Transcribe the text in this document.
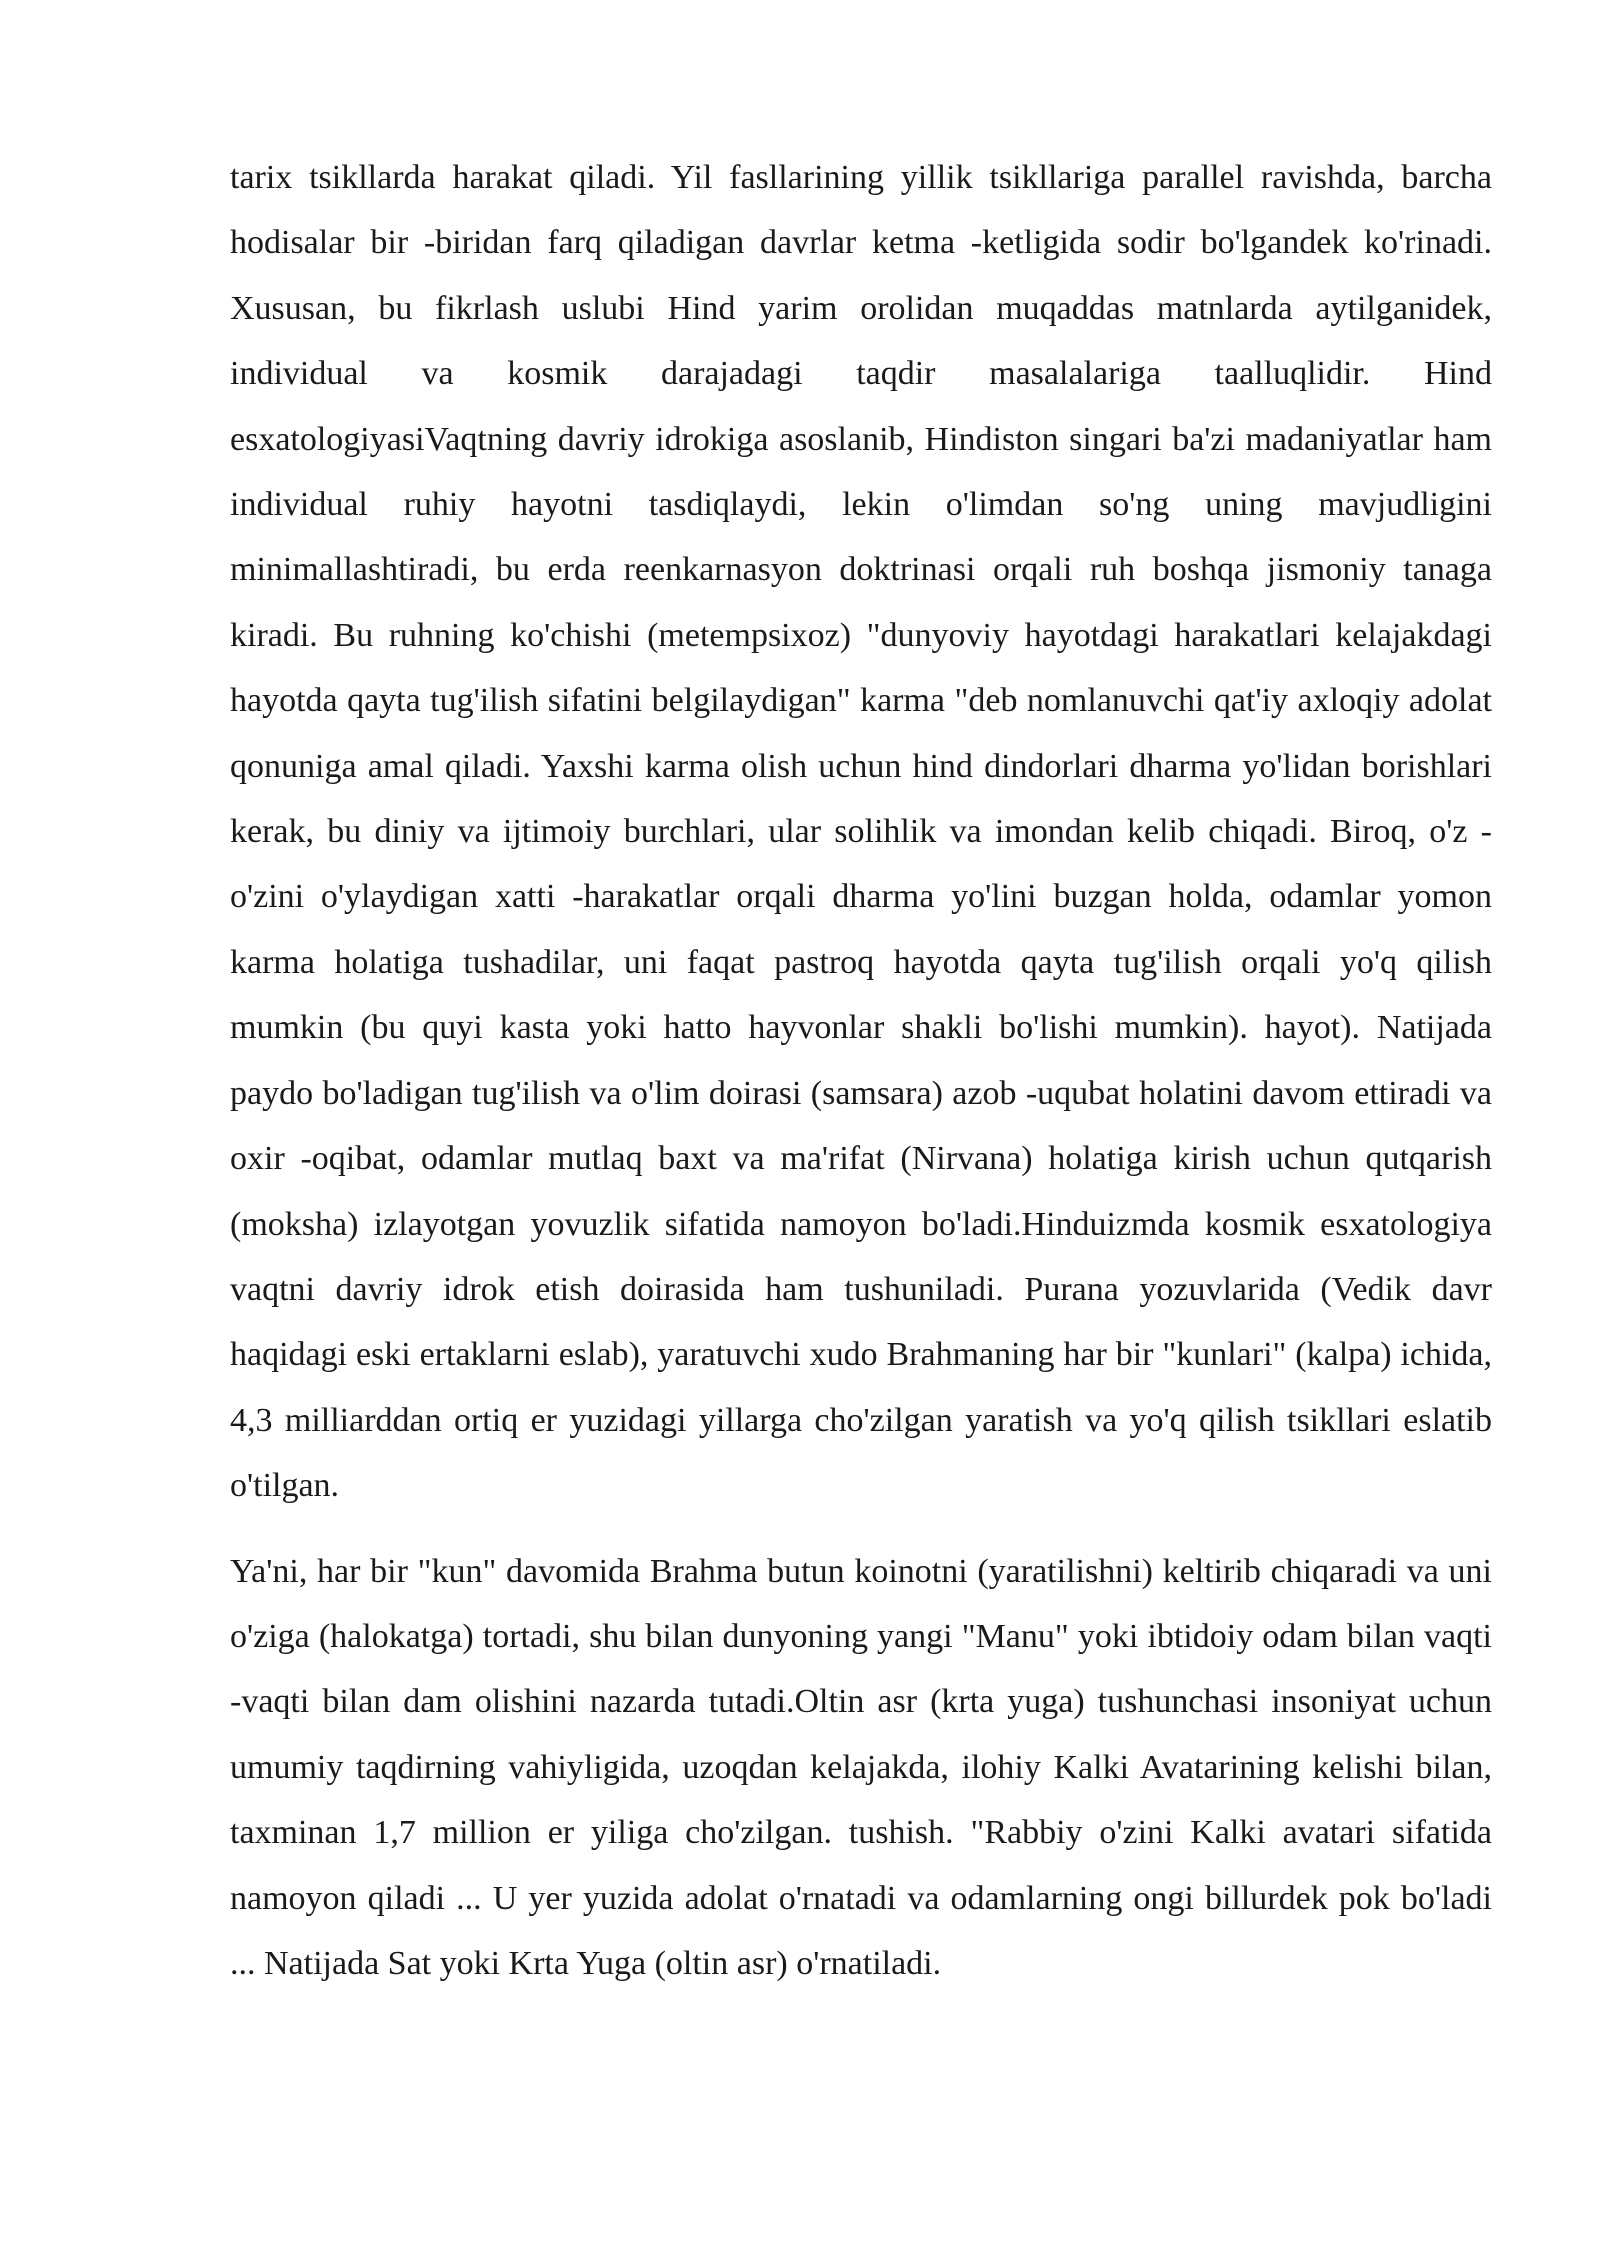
tarix tsikllarda harakat qiladi. Yil fasllarining yillik tsikllariga parallel ravishda, barcha hodisalar bir -biridan farq qiladigan davrlar ketma -ketligida sodir bo'lgandek ko'rinadi. Xususan, bu fikrlash uslubi Hind yarim orolidan muqaddas matnlarda aytilganidek, individual va kosmik darajadagi taqdir masalalariga taalluqlidir. Hind esxatologiyasiVaqtning davriy idrokiga asoslanib, Hindiston singari ba'zi madaniyatlar ham individual ruhiy hayotni tasdiqlaydi, lekin o'limdan so'ng uning mavjudligini minimallashtiradi, bu erda reenkarnasyon doktrinasi orqali ruh boshqa jismoniy tanaga kiradi. Bu ruhning ko'chishi (metempsixoz) "dunyoviy hayotdagi harakatlari kelajakdagi hayotda qayta tug'ilish sifatini belgilaydigan" karma "deb nomlanuvchi qat'iy axloqiy adolat qonuniga amal qiladi. Yaxshi karma olish uchun hind dindorlari dharma yo'lidan borishlari kerak, bu diniy va ijtimoiy burchlari, ular solihlik va imondan kelib chiqadi. Biroq, o'z -o'zini o'ylaydigan xatti -harakatlar orqali dharma yo'lini buzgan holda, odamlar yomon karma holatiga tushadilar, uni faqat pastroq hayotda qayta tug'ilish orqali yo'q qilish mumkin (bu quyi kasta yoki hatto hayvonlar shakli bo'lishi mumkin). hayot). Natijada paydo bo'ladigan tug'ilish va o'lim doirasi (samsara) azob -uqubat holatini davom ettiradi va oxir -oqibat, odamlar mutlaq baxt va ma'rifat (Nirvana) holatiga kirish uchun qutqarish (moksha) izlayotgan yovuzlik sifatida namoyon bo'ladi.Hinduizmda kosmik esxatologiya vaqtni davriy idrok etish doirasida ham tushuniladi. Purana yozuvlarida (Vedik davr haqidagi eski ertaklarni eslab), yaratuvchi xudo Brahmaning har bir "kunlari" (kalpa) ichida, 4,3 milliarddan ortiq er yuzidagi yillarga cho'zilgan yaratish va yo'q qilish tsikllari eslatib o'tilgan.

Ya'ni, har bir "kun" davomida Brahma butun koinotni (yaratilishni) keltirib chiqaradi va uni o'ziga (halokatga) tortadi, shu bilan dunyoning yangi "Manu" yoki ibtidoiy odam bilan vaqti -vaqti bilan dam olishini nazarda tutadi.Oltin asr (krta yuga) tushunchasi insoniyat uchun umumiy taqdirning vahiyligida, uzoqdan kelajakda, ilohiy Kalki Avatarining kelishi bilan, taxminan 1,7 million er yiliga cho'zilgan. tushish. "Rabbiy o'zini Kalki avatari sifatida namoyon qiladi ... U yer yuzida adolat o'rnatadi va odamlarning ongi billurdek pok bo'ladi ... Natijada Sat yoki Krta Yuga (oltin asr) o'rnatiladi.
